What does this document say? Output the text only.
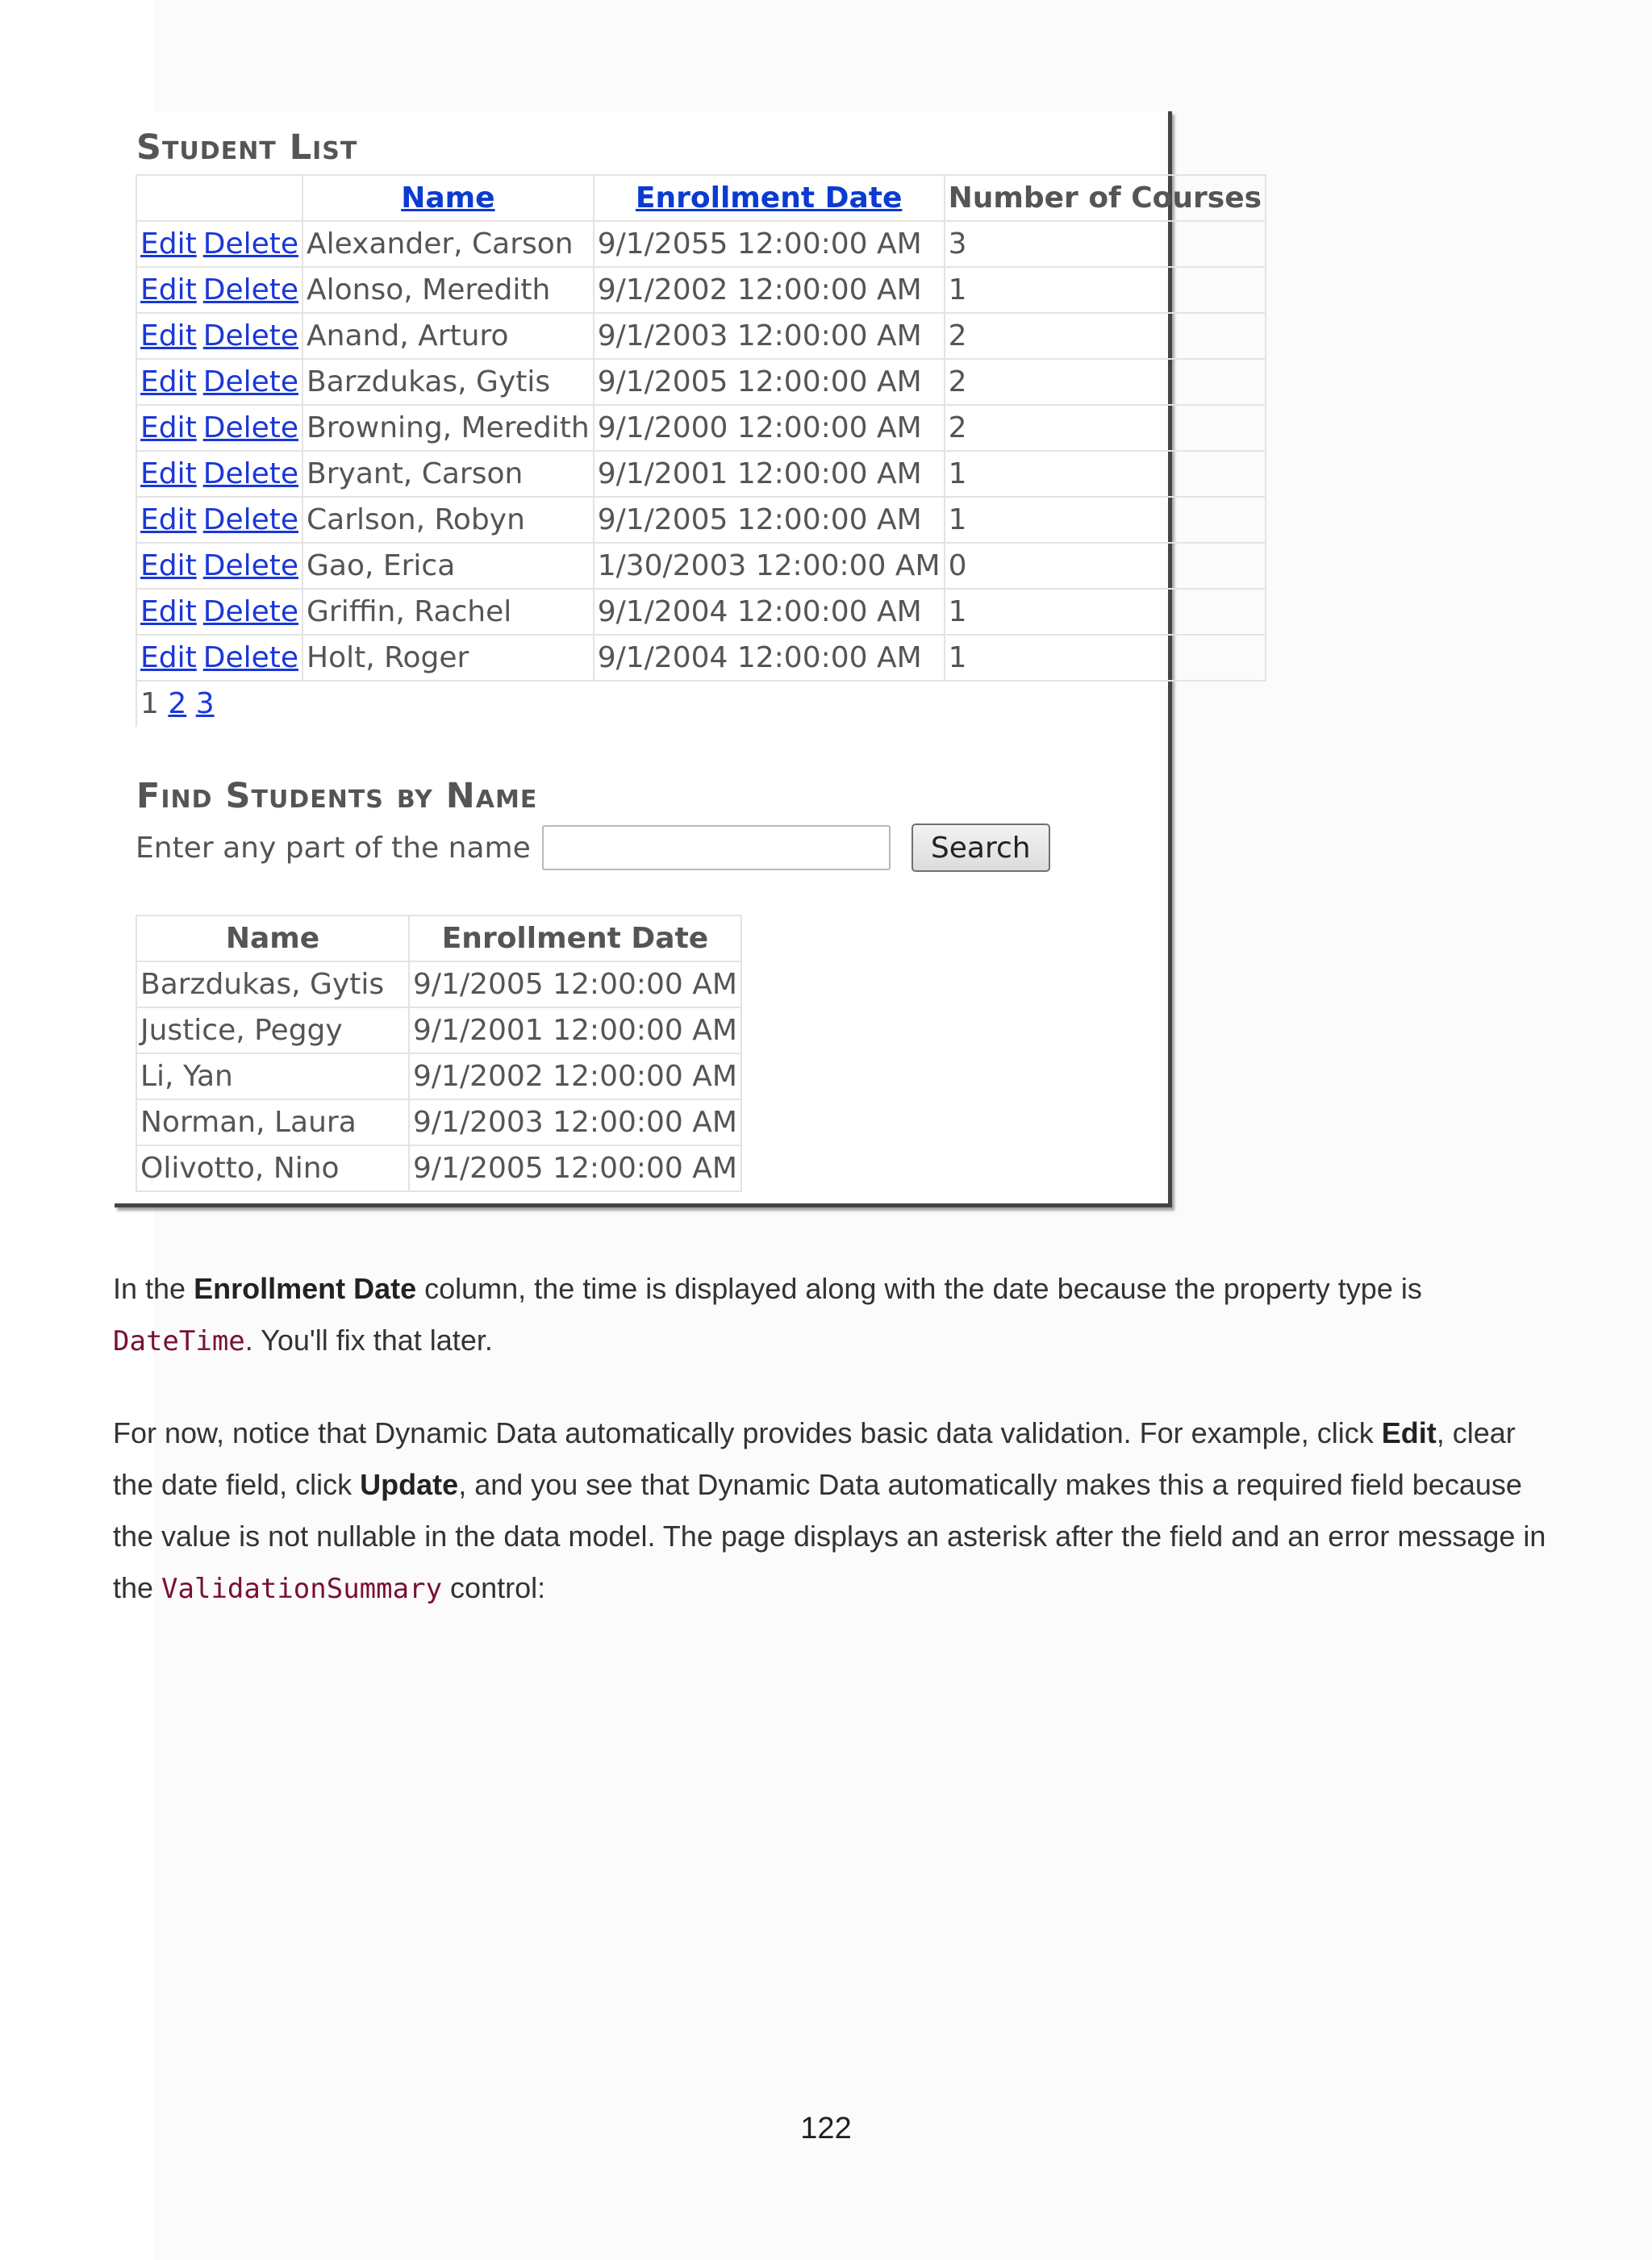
Student List
	Name	Enrollment Date	Number of Courses
Edit Delete	Alexander, Carson	9/1/2055 12:00:00 AM	3
Edit Delete	Alonso, Meredith	9/1/2002 12:00:00 AM	1
Edit Delete	Anand, Arturo	9/1/2003 12:00:00 AM	2
Edit Delete	Barzdukas, Gytis	9/1/2005 12:00:00 AM	2
Edit Delete	Browning, Meredith	9/1/2000 12:00:00 AM	2
Edit Delete	Bryant, Carson	9/1/2001 12:00:00 AM	1
Edit Delete	Carlson, Robyn	9/1/2005 12:00:00 AM	1
Edit Delete	Gao, Erica	1/30/2003 12:00:00 AM	0
Edit Delete	Griffin, Rachel	9/1/2004 12:00:00 AM	1
Edit Delete	Holt, Roger	9/1/2004 12:00:00 AM	1
1 2 3			
Find Students by Name
Enter any part of the name	Search
Name	Enrollment Date
Barzdukas, Gytis	9/1/2005 12:00:00 AM
Justice, Peggy	9/1/2001 12:00:00 AM
Li, Yan	9/1/2002 12:00:00 AM
Norman, Laura	9/1/2003 12:00:00 AM
Olivotto, Nino	9/1/2005 12:00:00 AM

In the Enrollment Date column, the time is displayed along with the date because the property type is DateTime. You'll fix that later.

For now, notice that Dynamic Data automatically provides basic data validation. For example, click Edit, clear the date field, click Update, and you see that Dynamic Data automatically makes this a required field because the value is not nullable in the data model. The page displays an asterisk after the field and an error message in the ValidationSummary control:

122
